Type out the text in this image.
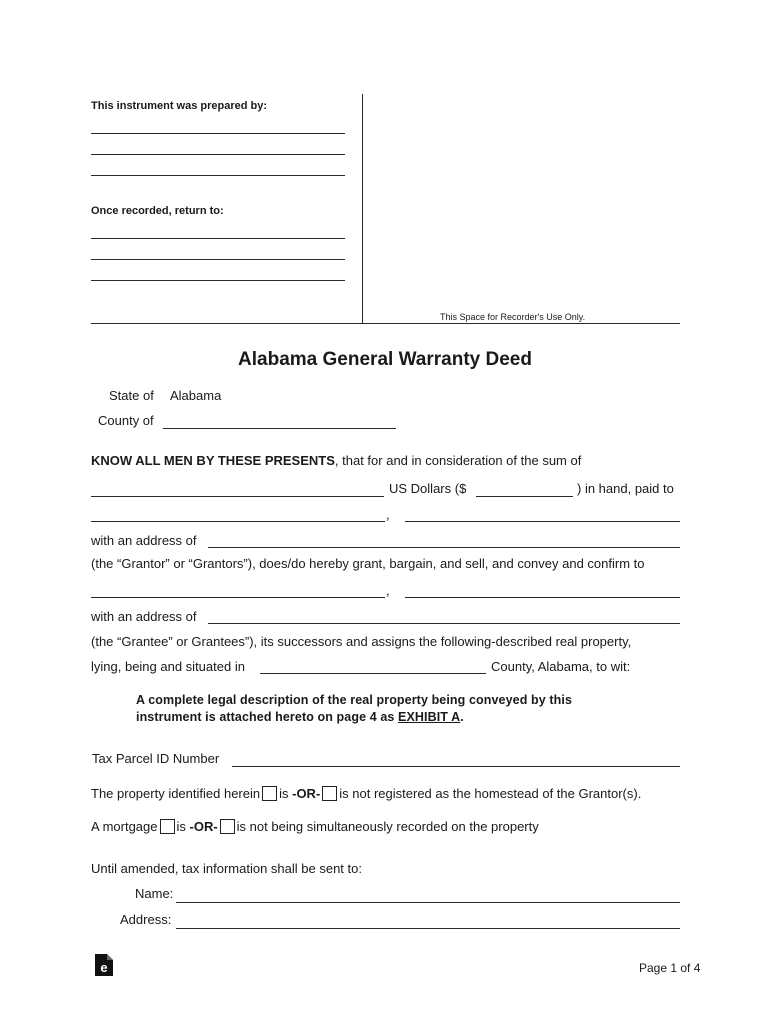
This instrument was prepared by:
Once recorded, return to:
This Space for Recorder's Use Only.
Alabama General Warranty Deed
State of Alabama
County of
KNOW ALL MEN BY THESE PRESENTS, that for and in consideration of the sum of
US Dollars ($	) in hand, paid to
,
with an address of
(the “Grantor” or “Grantors”), does/do hereby grant, bargain, and sell, and convey and confirm to
,
with an address of
(the “Grantee” or Grantees”), its successors and assigns the following-described real property,
lying, being and situated in	County, Alabama, to wit:
A complete legal description of the real property being conveyed by this
instrument is attached hereto on page 4 as EXHIBIT A.
Tax Parcel ID Number
The property identified herein is -OR- is not registered as the homestead of the Grantor(s).
A mortgage is -OR- is not being simultaneously recorded on the property
Until amended, tax information shall be sent to:
Name:
Address:
e	Page 1 of 4
